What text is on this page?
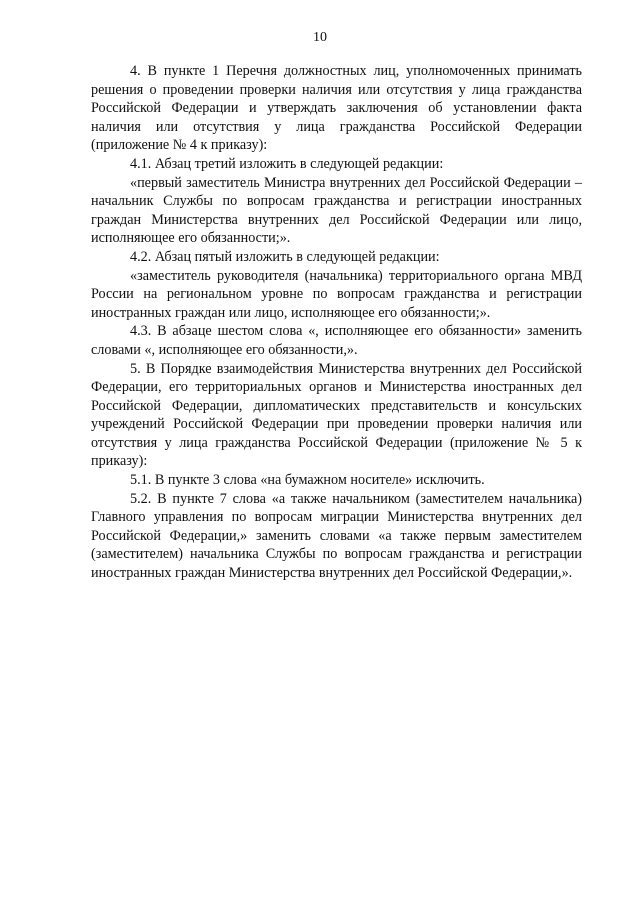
10

4. В пункте 1 Перечня должностных лиц, уполномоченных принимать решения о проведении проверки наличия или отсутствия у лица гражданства Российской Федерации и утверждать заключения об установлении факта наличия или отсутствия у лица гражданства Российской Федерации (приложение № 4 к приказу):

4.1. Абзац третий изложить в следующей редакции:

«первый заместитель Министра внутренних дел Российской Федерации – начальник Службы по вопросам гражданства и регистрации иностранных граждан Министерства внутренних дел Российской Федерации или лицо, исполняющее его обязанности;».

4.2. Абзац пятый изложить в следующей редакции:

«заместитель руководителя (начальника) территориального органа МВД России на региональном уровне по вопросам гражданства и регистрации иностранных граждан или лицо, исполняющее его обязанности;».

4.3. В абзаце шестом слова «, исполняющее его обязанности» заменить словами «, исполняющее его обязанности,».

5. В Порядке взаимодействия Министерства внутренних дел Российской Федерации, его территориальных органов и Министерства иностранных дел Российской Федерации, дипломатических представительств и консульских учреждений Российской Федерации при проведении проверки наличия или отсутствия у лица гражданства Российской Федерации (приложение № 5 к приказу):

5.1. В пункте 3 слова «на бумажном носителе» исключить.

5.2. В пункте 7 слова «а также начальником (заместителем начальника) Главного управления по вопросам миграции Министерства внутренних дел Российской Федерации,» заменить словами «а также первым заместителем (заместителем) начальника Службы по вопросам гражданства и регистрации иностранных граждан Министерства внутренних дел Российской Федерации,».
